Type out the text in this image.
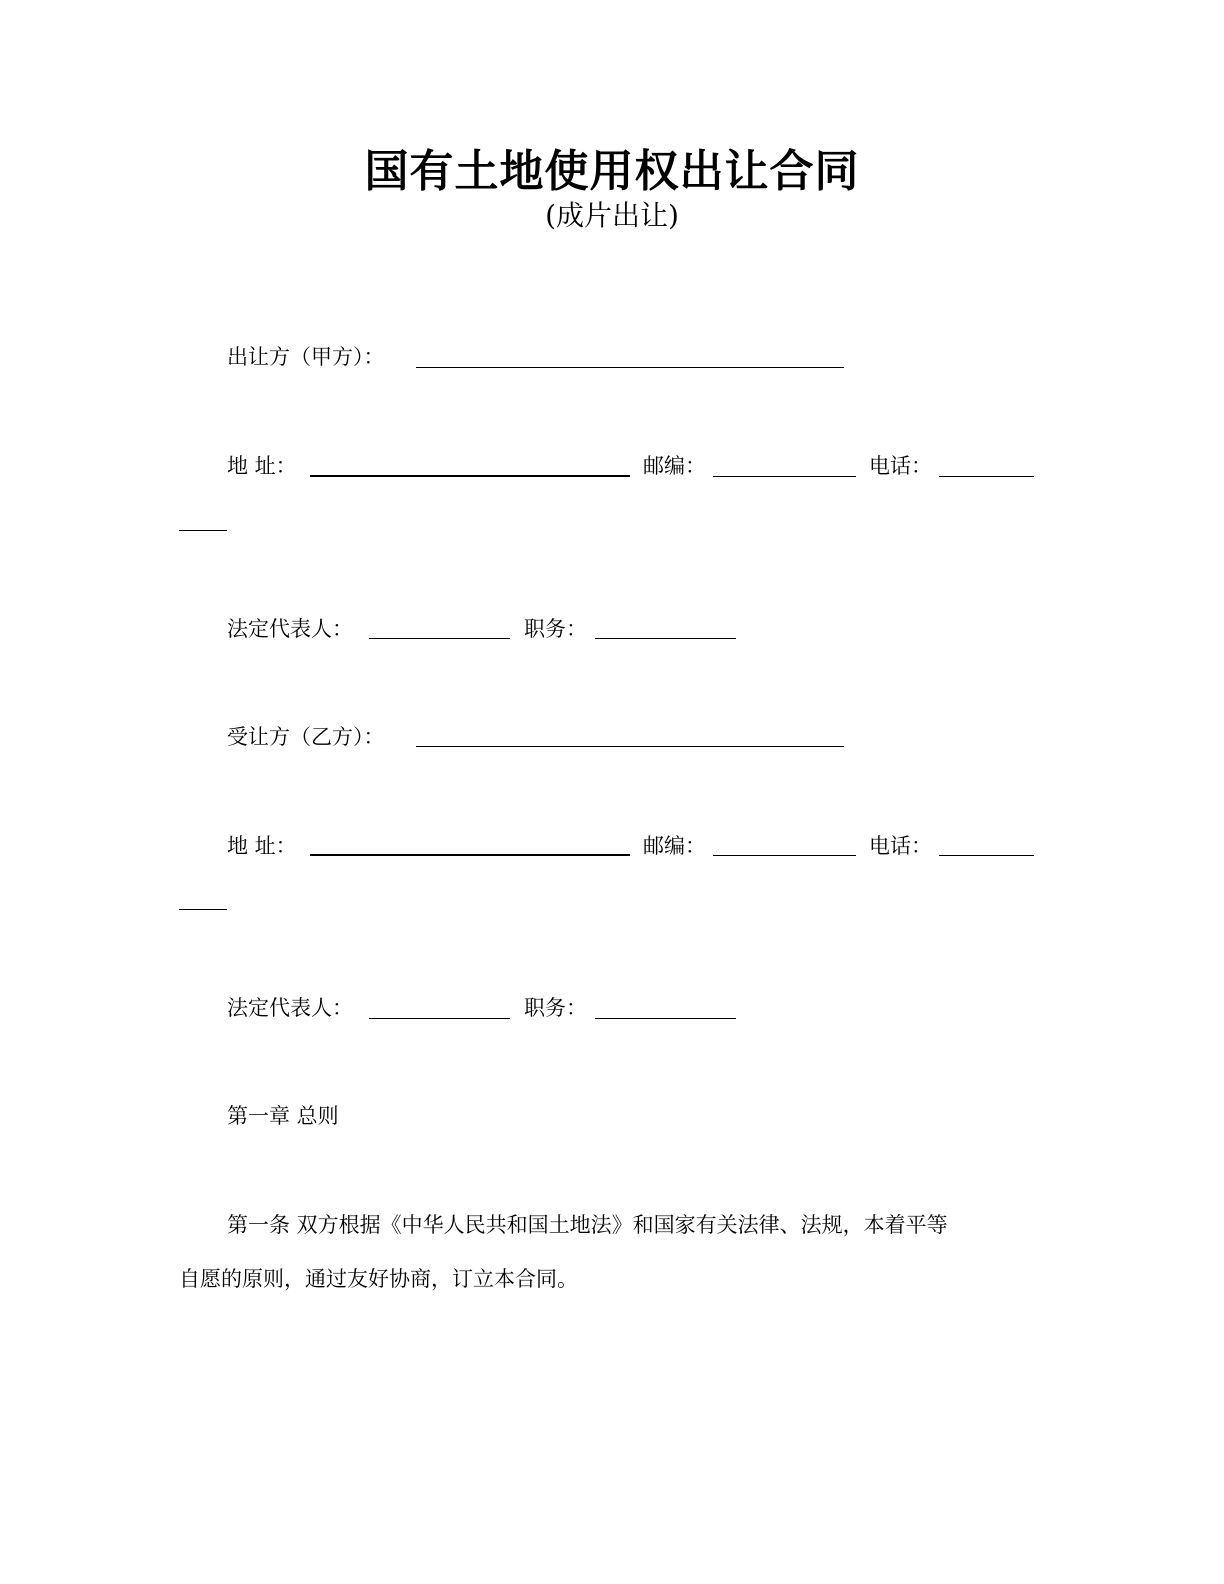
国有土地使用权出让合同
(成片出让)
出让方（甲方）：
地 址：	邮编：	电话：
法定代表人：	职务：
受让方（乙方）：
地 址：	邮编：	电话：
法定代表人：	职务：
第一章 总则
第一条 双方根据《中华人民共和国土地法》和国家有关法律、法规，本着平等
自愿的原则，通过友好协商，订立本合同。
